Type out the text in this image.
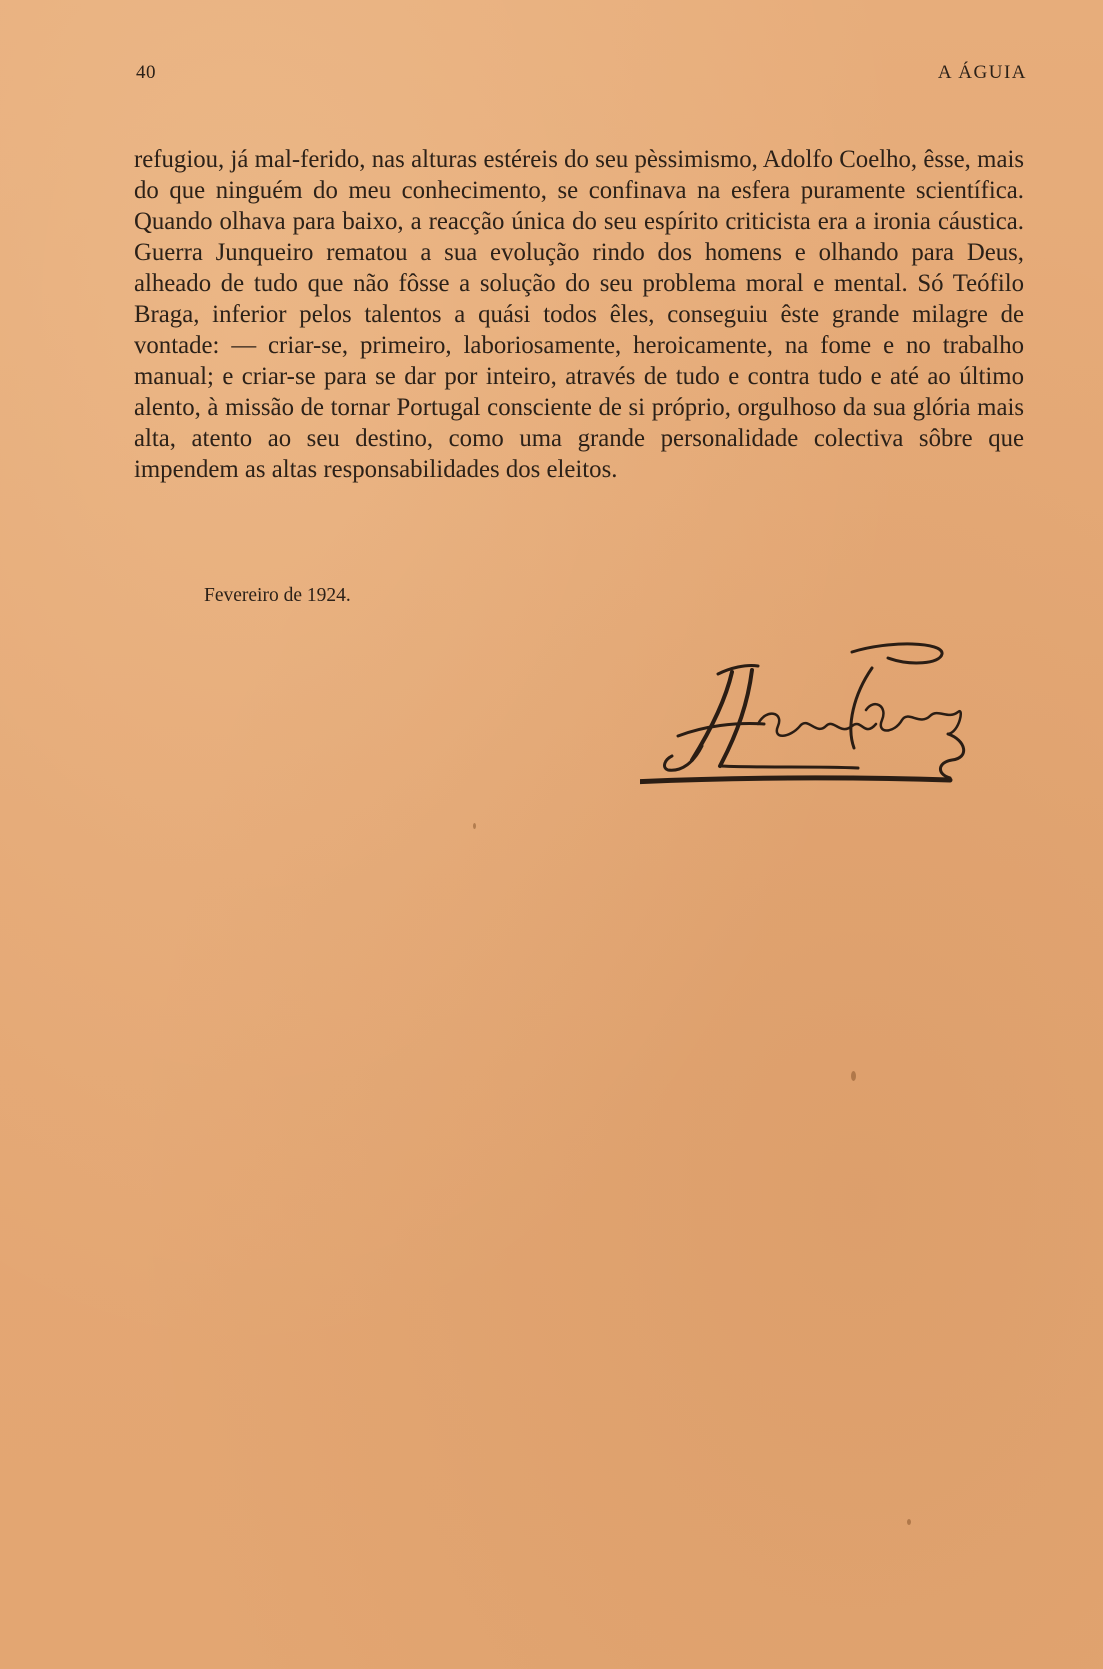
40	A ÁGUIA

refugiou, já mal-ferido, nas alturas estéreis do seu pèssimismo, Adolfo Coelho, êsse, mais do que ninguém do meu conhecimento, se confinava na esfera puramente scientífica. Quando olhava para baixo, a reacção única do seu espírito criticista era a ironia cáustica. Guerra Junqueiro rematou a sua evolução rindo dos homens e olhando para Deus, alheado de tudo que não fôsse a solução do seu problema moral e mental. Só Teófilo Braga, inferior pelos talentos a quási todos êles, conseguiu êste grande milagre de vontade: — criar-se, primeiro, laboriosamente, heroicamente, na fome e no trabalho manual; e criar-se para se dar por inteiro, através de tudo e contra tudo e até ao último alento, à missão de tornar Portugal consciente de si próprio, orgulhoso da sua glória mais alta, atento ao seu destino, como uma grande personalidade colectiva sôbre que impendem as altas responsabilidades dos eleitos.

Fevereiro de 1924.
